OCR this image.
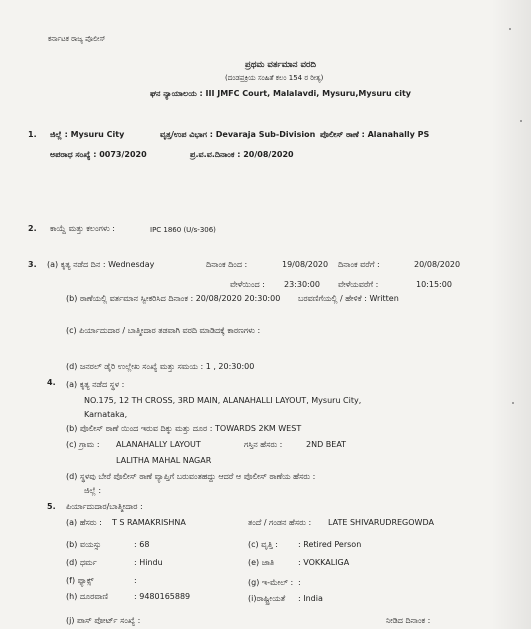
ಕರ್ನಾಟಕ ರಾಜ್ಯ ಪೊಲೀಸ್
ಪ್ರಥಮ ವರ್ತಮಾನ ವರದಿ
(ದಂಡಪ್ರಕ್ರಿಯ ಸಂಹಿತೆ ಕಲಂ 154 ರ ರೀತ್ಯ)
ಘನ ನ್ಯಾಯಾಲಯ : III JMFC Court, Malalavdi, Mysuru,Mysuru city
1. ಜಿಲ್ಲೆ : Mysuru City	ವೃತ್ತ/ಉಪ ವಿಭಾಗ : Devaraja Sub-Division ಪೊಲೀಸ್ ಠಾಣೆ : Alanahally PS
ಅಪರಾಧ ಸಂಖ್ಯೆ : 0073/2020	ಪ್ರ.ವ.ವ.ದಿನಾಂಕ : 20/08/2020
2. ಕಾಯ್ದೆ ಮತ್ತು ಕಲಂಗಳು :	IPC 1860 (U/s-306)
3. (a) ಕೃತ್ಯ ನಡೆದ ದಿನ : Wednesday	ದಿನಾಂಕ ದಿಂದ :	19/08/2020 ದಿನಾಂಕ ವರೆಗೆ :	20/08/2020
ವೇಳೆಯಿಂದ : 23:30:00 ವೇಳೆಯವರೆಗೆ :	10:15:00
(b) ಠಾಣೆಯಲ್ಲಿ ವರ್ತಮಾನ ಸ್ವೀಕರಿಸಿದ ದಿನಾಂಕ : 20/08/2020 20:30:00 ಬರವಣಿಗೆಯಲ್ಲಿ / ಹೇಳಿಕೆ : Written
(c) ಪಿರ್ಯಾದುದಾರ / ಬಾತ್ಮೀದಾರ ತಡವಾಗಿ ವರದಿ ಮಾಡಿದಕ್ಕೆ ಕಾರಣಗಳು :
(d) ಜನರಲ್ ಡೈರಿ ಉಲ್ಲೇಖ ಸಂಖ್ಯೆ ಮತ್ತು ಸಮಯ : 1 , 20:30:00
4. (a) ಕೃತ್ಯ ನಡೆದ ಸ್ಥಳ :
NO.175, 12 TH CROSS, 3RD MAIN, ALANAHALLI LAYOUT, Mysuru City,
Karnataka,
(b) ಪೊಲೀಸ್ ಠಾಣೆ ಯಿಂದ ಇರುವ ದಿಕ್ಕು ಮತ್ತು ದೂರ : TOWARDS 2KM WEST
(c) ಗ್ರಾಮ : ALANAHALLY LAYOUT	ಗಸ್ತಿನ ಹೆಸರು :	2ND BEAT
LALITHA MAHAL NAGAR
(d) ಸ್ಥಳವು ಬೇರೆ ಪೊಲೀಸ್ ಠಾಣೆ ವ್ಯಾಪ್ತಿಗೆ ಬರುವಂತಹದ್ದು ಆದರೆ ಆ ಪೊಲೀಸ್ ಠಾಣೆಯ ಹೆಸರು :
ಜಿಲ್ಲೆ :
5. ಪಿರ್ಯಾದುದಾರ/ಬಾತ್ಮೀದಾರ :
(a) ಹೆಸರು : T S RAMAKRISHNA	ತಂದೆ / ಗಂಡನ ಹೆಸರು : LATE SHIVARUDREGOWDA
(b) ವಯಸ್ಸು	: 68	(c) ವೃತ್ತಿ :	: Retired Person
(d) ಧರ್ಮ	: Hindu	(e) ಜಾತಿ	: VOKKALIGA
(f) ಫ್ಯಾಕ್ಸ್	:	(g) ಇ-ಮೇಲ್ : :
(h) ದೂರವಾಣಿ	: 9480165889	(i)ರಾಷ್ಟ್ರೀಯತೆ : India
(j) ಪಾಸ್ ಪೋರ್ಟ್ ಸಂಖ್ಯೆ :	ನೀಡಿದ ದಿನಾಂಕ :
